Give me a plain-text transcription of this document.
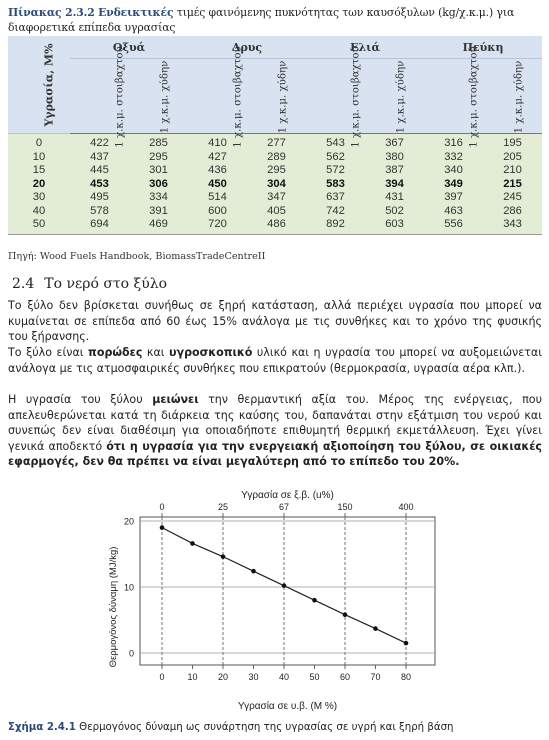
Πίνακας 2.3.2 Ενδεικτικές τιμές φαινόμενης πυκνότητας των καυσόξυλων (kg/χ.κ.μ.) για διαφορετικά επίπεδα υγρασίας
Υγρασία, Μ%	Οξυά		Δρυς		Ελιά		Πεύκη	
	1 χ.κ.μ. στοιβαχτού	1 χ.κ.μ. χύδην	1 χ.κ.μ. στοιβαχτού	1 χ.κ.μ. χύδην	1 χ.κ.μ. στοιβαχτού	1 χ.κ.μ. χύδην	1 χ.κ.μ. στοιβαχτού	1 χ.κ.μ. χύδην
0	422	285	410	277	543	367	316	195
10	437	295	427	289	562	380	332	205
15	445	301	436	295	572	387	340	210
20	453	306	450	304	583	394	349	215
30	495	334	514	347	637	431	397	245
40	578	391	600	405	742	502	463	286
50	694	469	720	486	892	603	556	343
Πηγή: Wood Fuels Handbook, BiomassTradeCentreII
2.4 Το νερό στο ξύλο
Το ξύλο δεν βρίσκεται συνήθως σε ξηρή κατάσταση, αλλά περιέχει υγρασία που μπορεί να κυμαίνεται σε επίπεδα από 60 έως 15% ανάλογα με τις συνθήκες και το χρόνο της φυσικής του ξήρανσης.
Το ξύλο είναι πορώδες και υγροσκοπικό υλικό και η υγρασία του μπορεί να αυξομειώνεται ανάλογα με τις ατμοσφαιρικές συνθήκες που επικρατούν (θερμοκρασία, υγρασία αέρα κλπ.).
Η υγρασία του ξύλου μειώνει την θερμαντική αξία του. Μέρος της ενέργειας, που απελευθερώνεται κατά τη διάρκεια της καύσης του, δαπανάται στην εξάτμιση του νερού και συνεπώς δεν είναι διαθέσιμη για οποιαδήποτε επιθυμητή θερμική εκμετάλλευση. Έχει γίνει γενικά αποδεκτό ότι η υγρασία για την ενεργειακή αξιοποίηση του ξύλου, σε οικιακές εφαρμογές, δεν θα πρέπει να είναι μεγαλύτερη από το επίπεδο του 20%.
Υγρασία σε ξ.β. (u%)
Θερμογόνος δύναμη (MJ/kg)
Υγρασία σε υ.β. (M %)
0
10
20
0	25	67	150	400
0	10 20 30 40 50 60 70 80
Σχήμα 2.4.1 Θερμογόνος δύναμη ως συνάρτηση της υγρασίας σε υγρή και ξηρή βάση
